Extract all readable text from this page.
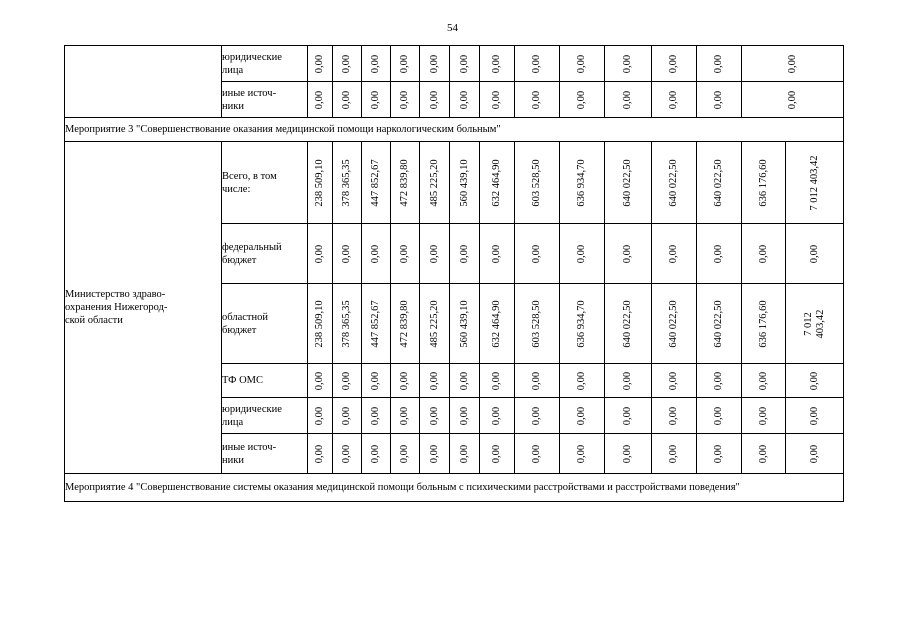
54
	юридические
лица	0,00	0,00	0,00	0,00	0,00	0,00	0,00	0,00	0,00	0,00	0,00	0,00	0,00	

	иные источ-
ники	0,00	0,00	0,00	0,00	0,00	0,00	0,00	0,00	0,00	0,00	0,00	0,00	0,00	

Мероприятие 3 "Совершенствование оказания медицинской помощи наркологическим больным"															
Министерство здраво-
охранения Нижегород-
ской области	Всего, в том
числе:	238 509,10	378 365,35	447 852,67	472 839,80	485 225,20	560 439,10	632 464,90	603 528,50	636 934,70	640 022,50	640 022,50	640 022,50	636 176,60	7 012 403,42

	федеральный
бюджет	0,00	0,00	0,00	0,00	0,00	0,00	0,00	0,00	0,00	0,00	0,00	0,00	0,00	0,00

	областной
бюджет	238 509,10	378 365,35	447 852,67	472 839,80	485 225,20	560 439,10	632 464,90	603 528,50	636 934,70	640 022,50	640 022,50	640 022,50	636 176,60	7 012
403,42

	ТФ ОМС	0,00	0,00	0,00	0,00	0,00	0,00	0,00	0,00	0,00	0,00	0,00	0,00	0,00	0,00

	юридические
лица	0,00	0,00	0,00	0,00	0,00	0,00	0,00	0,00	0,00	0,00	0,00	0,00	0,00	0,00

	иные источ-
ники	0,00	0,00	0,00	0,00	0,00	0,00	0,00	0,00	0,00	0,00	0,00	0,00	0,00	0,00

Мероприятие 4 "Совершенствование системы оказания медицинской помощи больным с психическими расстройствами и расстройствами поведения"															
